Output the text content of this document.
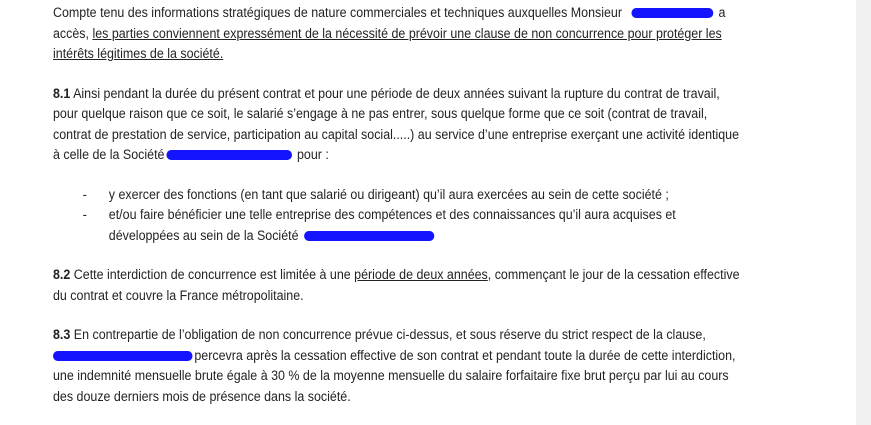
Compte tenu des informations stratégiques de nature commerciales et techniques auxquelles Monsieur	a
accès, les parties conviennent expressément de la nécessité de prévoir une clause de non concurrence pour protéger les
intérêts légitimes de la société.
8.1 Ainsi pendant la durée du présent contrat et pour une période de deux années suivant la rupture du contrat de travail,
pour quelque raison que ce soit, le salarié s’engage à ne pas entrer, sous quelque forme que ce soit (contrat de travail,
contrat de prestation de service, participation au capital social.....) au service d’une entreprise exerçant une activité identique
à celle de la Société	pour :
- y exercer des fonctions (en tant que salarié ou dirigeant) qu’il aura exercées au sein de cette société ;
- et/ou faire bénéficier une telle entreprise des compétences et des connaissances qu’il aura acquises et
développées au sein de la Société
8.2 Cette interdiction de concurrence est limitée à une période de deux années, commençant le jour de la cessation effective
du contrat et couvre la France métropolitaine.
8.3 En contrepartie de l’obligation de non concurrence prévue ci-dessus, et sous réserve du strict respect de la clause,
percevra après la cessation effective de son contrat et pendant toute la durée de cette interdiction,
une indemnité mensuelle brute égale à 30 % de la moyenne mensuelle du salaire forfaitaire fixe brut perçu par lui au cours
des douze derniers mois de présence dans la société.
